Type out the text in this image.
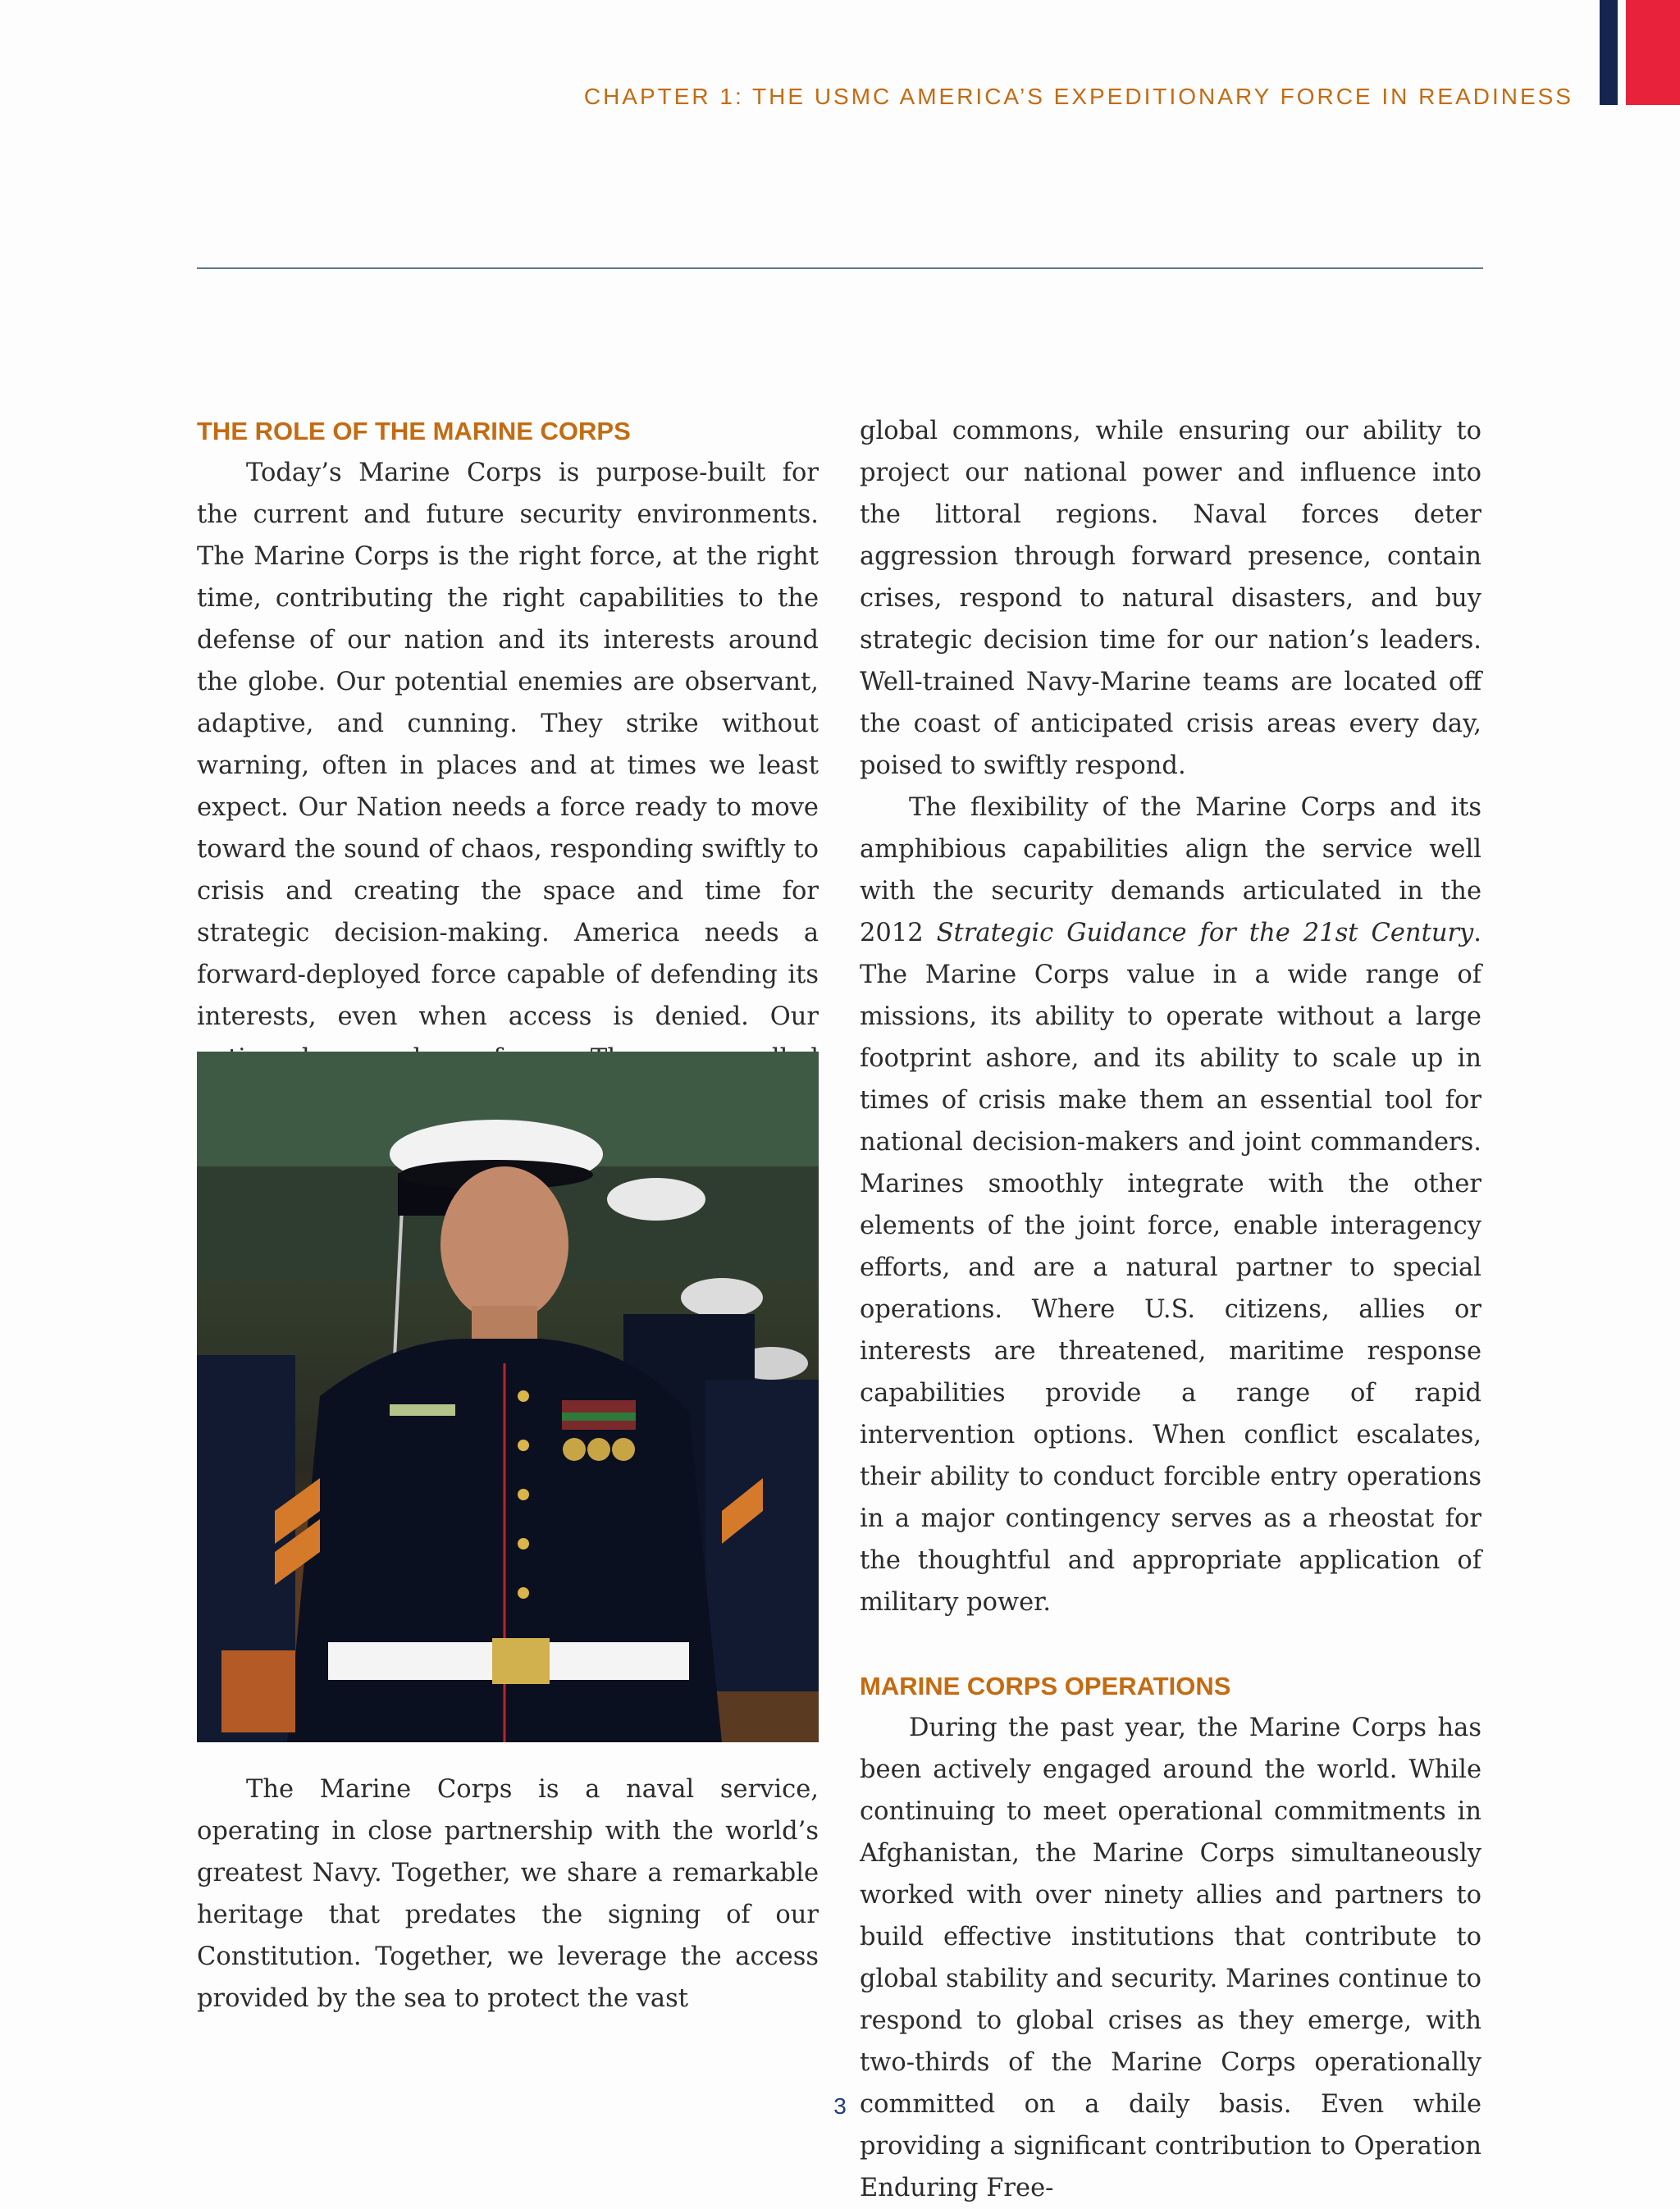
CHAPTER 1: THE USMC AMERICA’S EXPEDITIONARY FORCE IN READINESS
THE ROLE OF THE MARINE CORPS

Today’s Marine Corps is purpose-built for the current and future security environments. The Marine Corps is the right force, at the right time, contributing the right capabilities to the defense of our nation and its interests around the globe. Our potential enemies are observant, adaptive, and cunning. They strike without warning, often in places and at times we least expect. Our Nation needs a force ready to move toward the sound of chaos, responding swiftly to crisis and creating the space and time for strategic decision-making. America needs a forward-deployed force capable of defending its interests, even when access is denied. Our

The Marine Corps is a naval service, operating in close partnership with the world’s greatest Navy. Together, we share a remarkable heritage that predates the signing of our Constitution. Together, we leverage the access provided by the sea to protect the vast

global commons, while ensuring our ability to project our national power and influence into the littoral regions. Naval forces deter aggression through forward presence, contain crises, respond to natural disasters, and buy strategic decision time for our nation’s leaders. Well-trained Navy-Marine teams are located off the coast of anticipated crisis areas every day, poised to swiftly respond.

The flexibility of the Marine Corps and its amphibious capabilities align the service well with the security demands articulated in the 2012 Strategic Guidance for the 21st Century. The Marine Corps value in a wide range of missions, its ability to operate without a large footprint ashore, and its ability to scale up in times of crisis make them an essential tool for national decision-makers and joint commanders. Marines smoothly integrate with the other elements of the joint force, enable interagency efforts, and are a natural partner to special operations. Where U.S. citizens, allies or interests are threatened, maritime response capabilities provide a range of rapid intervention options. When conflict escalates, their ability to conduct forcible entry operations in a major contingency serves as a rheostat for the thoughtful and appropriate application of military power.

MARINE CORPS OPERATIONS

During the past year, the Marine Corps has been actively engaged around the world. While continuing to meet operational commitments in Afghanistan, the Marine Corps simultaneously worked with over ninety allies and partners to build effective institutions that contribute to global stability and security. Marines continue to respond to global crises as they emerge, with two-thirds of the Marine Corps operationally committed on a daily basis. Even while providing a significant contribution to Operation Enduring Free-

3
